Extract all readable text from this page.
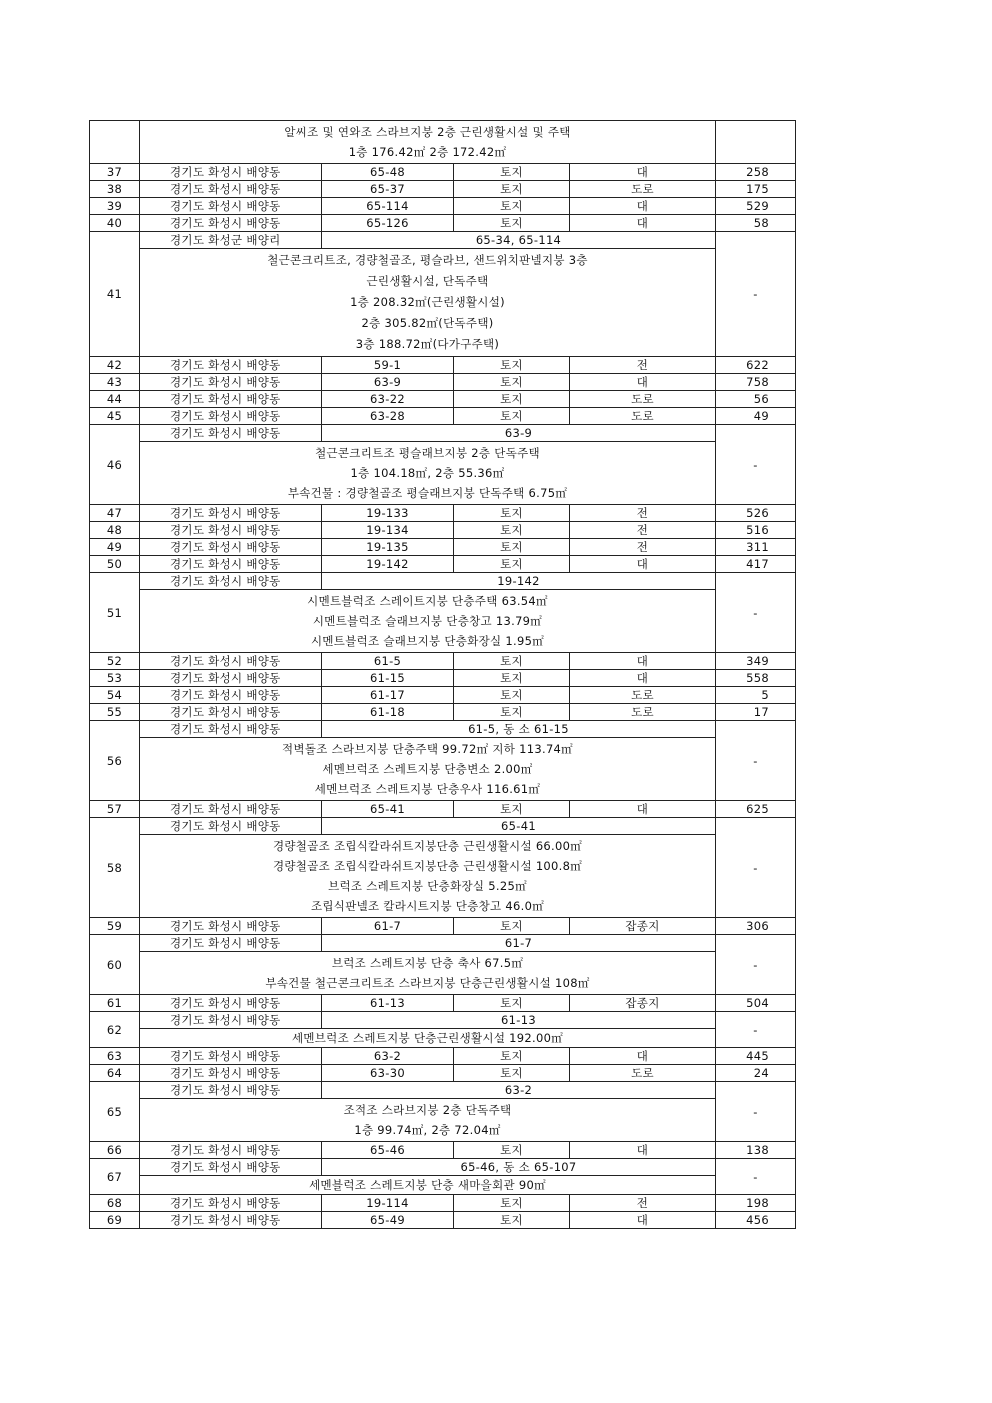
	알씨조 및 연와조 스라브지붕 2층 근린생활시설 및 주택
1층 176.42㎡ 2층 172.42㎡				

37	경기도 화성시 배양동	65-48	토지	대	258
38	경기도 화성시 배양동	65-37	토지	도로	175
39	경기도 화성시 배양동	65-114	토지	대	529
40	경기도 화성시 배양동	65-126	토지	대	58
41	경기도 화성군 배양리	65-34, 65-114			-

	철근콘크리트조, 경량철골조, 평슬라브, 샌드위치판넬지붕 3층
근린생활시설, 단독주택
1층 208.32㎡(근린생활시설)
2층 305.82㎡(단독주택)
3층 188.72㎡(다가구주택)				

42	경기도 화성시 배양동	59-1	토지	전	622
43	경기도 화성시 배양동	63-9	토지	대	758
44	경기도 화성시 배양동	63-22	토지	도로	56
45	경기도 화성시 배양동	63-28	토지	도로	49
46	경기도 화성시 배양동	63-9			-

	철근콘크리트조 평슬래브지붕 2층 단독주택
1층 104.18㎡, 2층 55.36㎡
부속건물 : 경량철골조 평슬래브지붕 단독주택 6.75㎡				

47	경기도 화성시 배양동	19-133	토지	전	526
48	경기도 화성시 배양동	19-134	토지	전	516
49	경기도 화성시 배양동	19-135	토지	전	311
50	경기도 화성시 배양동	19-142	토지	대	417
51	경기도 화성시 배양동	19-142			-

	시멘트블럭조 스레이트지붕 단층주택 63.54㎡
시멘트블럭조 슬래브지붕 단층창고 13.79㎡
시멘트블럭조 슬래브지붕 단층화장실 1.95㎡				

52	경기도 화성시 배양동	61-5	토지	대	349
53	경기도 화성시 배양동	61-15	토지	대	558
54	경기도 화성시 배양동	61-17	토지	도로	5
55	경기도 화성시 배양동	61-18	토지	도로	17
56	경기도 화성시 배양동	61-5, 동 소 61-15			-

	적벽돌조 스라브지붕 단층주택 99.72㎡ 지하 113.74㎡
세멘브럭조 스레트지붕 단층변소 2.00㎡
세멘브럭조 스레트지붕 단층우사 116.61㎡				

57	경기도 화성시 배양동	65-41	토지	대	625
58	경기도 화성시 배양동	65-41			-

	경량철골조 조립식칼라쉬트지붕단층 근린생활시설 66.00㎡
경량철골조 조립식칼라쉬트지붕단층 근린생활시설 100.8㎡
브럭조 스레트지붕 단층화장실 5.25㎡
조립식판넬조 칼라시트지붕 단층창고 46.0㎡				

59	경기도 화성시 배양동	61-7	토지	잡종지	306
60	경기도 화성시 배양동	61-7			-

	브럭조 스레트지붕 단층 축사 67.5㎡
부속건물 철근콘크리트조 스라브지붕 단층근린생활시설 108㎡				

61	경기도 화성시 배양동	61-13	토지	잡종지	504
62	경기도 화성시 배양동	61-13			-

	세멘브럭조 스레트지붕 단층근린생활시설 192.00㎡				

63	경기도 화성시 배양동	63-2	토지	대	445
64	경기도 화성시 배양동	63-30	토지	도로	24
65	경기도 화성시 배양동	63-2			-

	조적조 스라브지붕 2층 단독주택
1층 99.74㎡, 2층 72.04㎡				

66	경기도 화성시 배양동	65-46	토지	대	138
67	경기도 화성시 배양동	65-46, 동 소 65-107			-

	세멘블럭조 스레트지붕 단층 새마을회관 90㎡				

68	경기도 화성시 배양동	19-114	토지	전	198
69	경기도 화성시 배양동	65-49	토지	대	456
